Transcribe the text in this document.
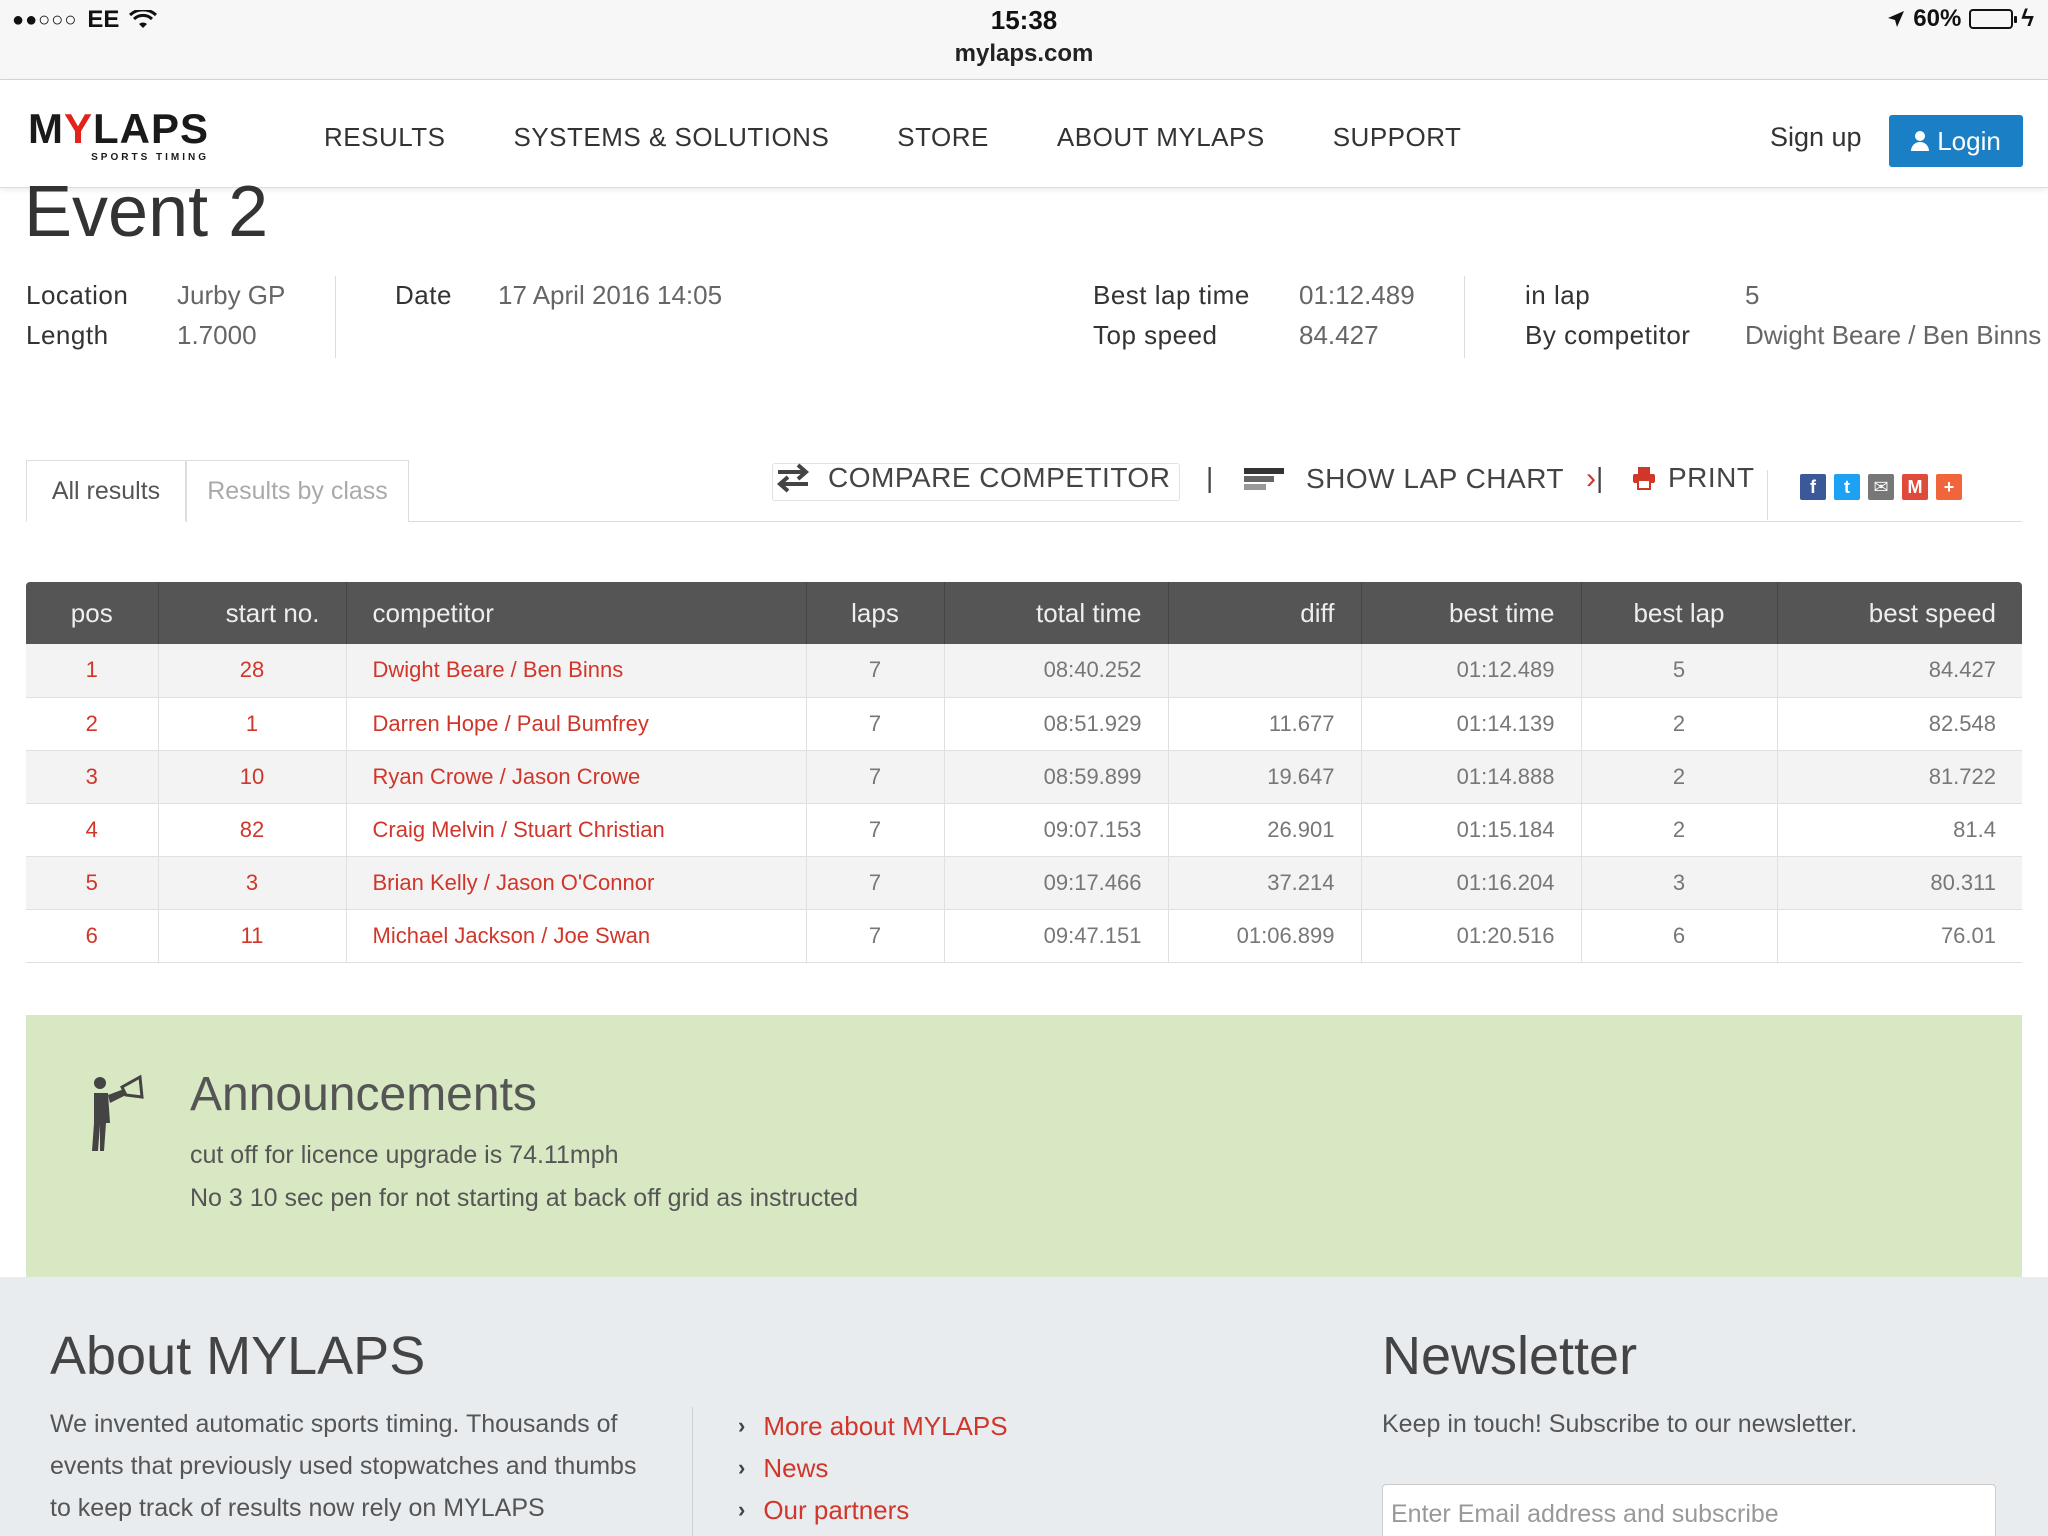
●●○○○ EE	15:38
mylaps.com
60%	ϟ
MYLAPS
SPORTS TIMING
RESULTS	SYSTEMS & SOLUTIONS	STORE	ABOUT MYLAPS	SUPPORT	Sign up	Login
Event 2
Location Jurby GP
Length	1.7000
Date 17 April 2016 14:05	Best lap time 01:12.489
Top speed	84.427
in lap	5
By competitor Dwight Beare / Ben Binns
All results	Results by class	COMPARE COMPETITOR |	SHOW LAP CHART › | PRINT	f	t	✉	M	+
pos	start no.	competitor	laps	total time	diff	best time	best lap	best speed
1	28	Dwight Beare / Ben Binns	7	08:40.252		01:12.489	5	84.427
2	1	Darren Hope / Paul Bumfrey	7	08:51.929	11.677	01:14.139	2	82.548
3	10	Ryan Crowe / Jason Crowe	7	08:59.899	19.647	01:14.888	2	81.722
4	82	Craig Melvin / Stuart Christian	7	09:07.153	26.901	01:15.184	2	81.4
5	3	Brian Kelly / Jason O'Connor	7	09:17.466	37.214	01:16.204	3	80.311
6	11	Michael Jackson / Joe Swan	7	09:47.151	01:06.899	01:20.516	6	76.01
Announcements
cut off for licence upgrade is 74.11mph
No 3 10 sec pen for not starting at back off grid as instructed
About MYLAPS
We invented automatic sports timing. Thousands of
events that previously used stopwatches and thumbs
to keep track of results now rely on MYLAPS
› More about MYLAPS
› News
› Our partners
Newsletter
Keep in touch! Subscribe to our newsletter.
Enter Email address and subscribe
